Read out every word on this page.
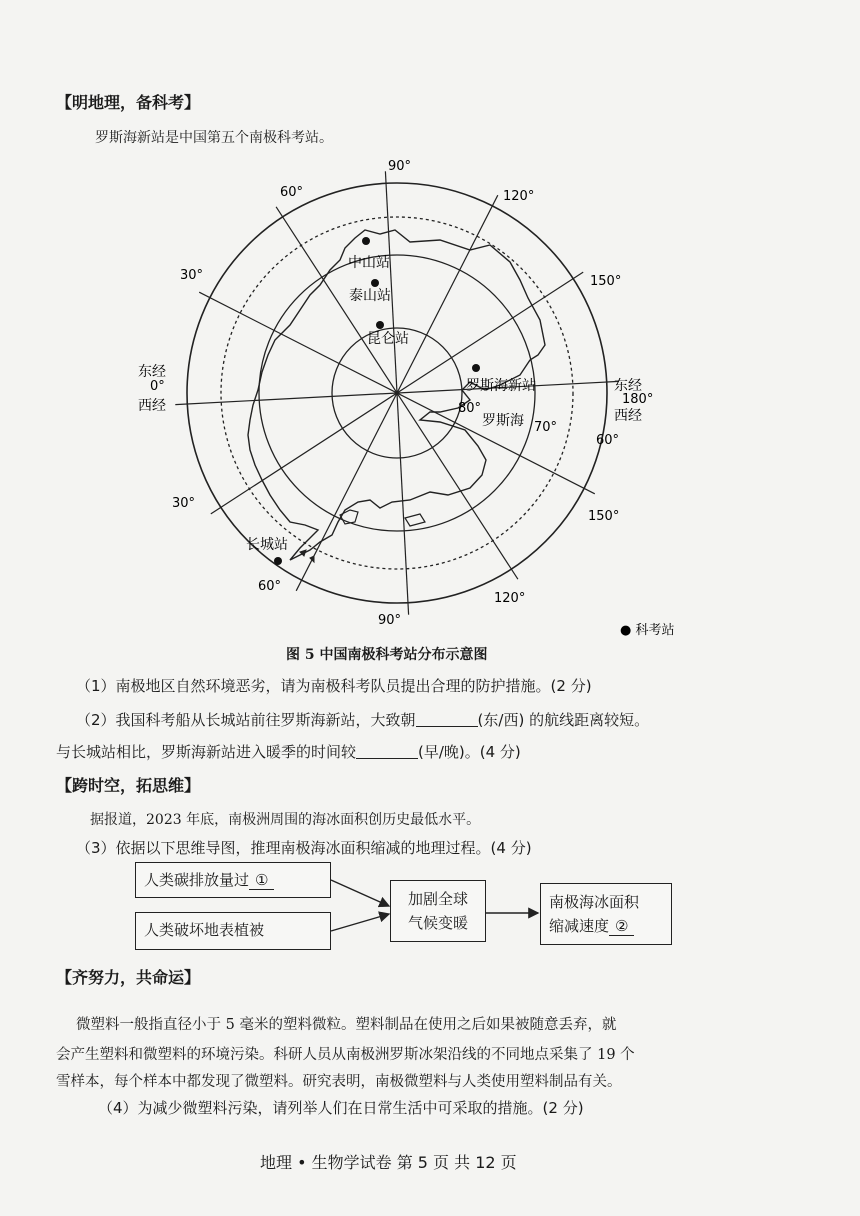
【明地理，备科考】
罗斯海新站是中国第五个南极科考站。
90°
120°
150°
180°
150°
120°
90°
60°
30°
0°
30°
60°
东经
西经
东经
西经
80°
70°
60°
罗斯海
中山站
泰山站
昆仑站
罗斯海新站
长城站
● 科考站
图 5 中国南极科考站分布示意图
（1）南极地区自然环境恶劣，请为南极科考队员提出合理的防护措施。(2 分)
（2）我国科考船从长城站前往罗斯海新站，大致朝	(东/西) 的航线距离较短。
与长城站相比，罗斯海新站进入暖季的时间较	(早/晚)。(4 分)
【跨时空，拓思维】
据报道，2023 年底，南极洲周围的海冰面积创历史最低水平。
（3）依据以下思维导图，推理南极海冰面积缩减的地理过程。(4 分)
人类碳排放量过 ①
人类破坏地表植被
加剧全球
气候变暖
南极海冰面积
缩减速度 ②
【齐努力，共命运】
微塑料一般指直径小于 5 毫米的塑料微粒。塑料制品在使用之后如果被随意丢弃，就
会产生塑料和微塑料的环境污染。科研人员从南极洲罗斯冰架沿线的不同地点采集了 19 个
雪样本，每个样本中都发现了微塑料。研究表明，南极微塑料与人类使用塑料制品有关。
（4）为减少微塑料污染，请列举人们在日常生活中可采取的措施。(2 分)
地理 • 生物学试卷 第 5 页 共 12 页
